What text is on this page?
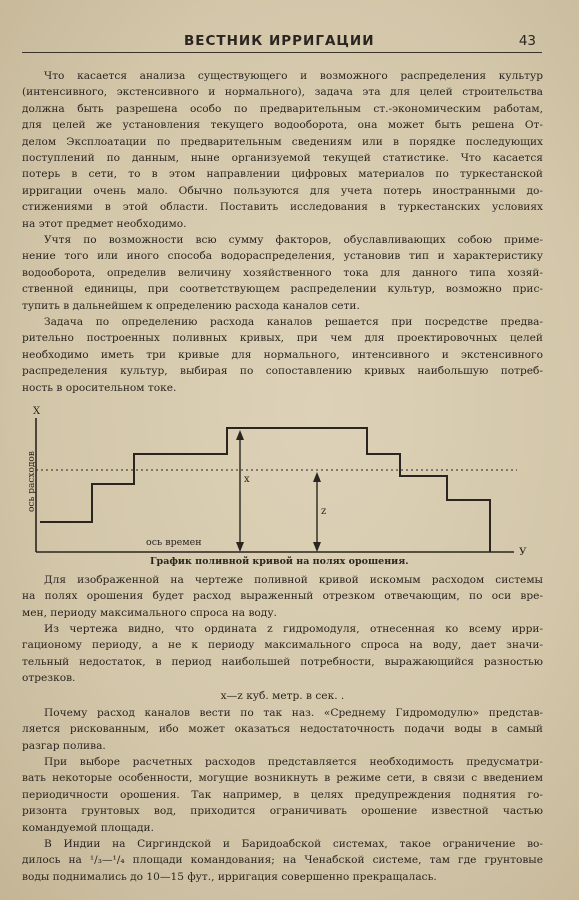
ВЕСТНИК ИРРИГАЦИИ	43
Что касается анализа существующего и возможного распределения культур
(интенсивного, экстенсивного и нормального), задача эта для целей строительства
должна быть разрешена особо по предварительным ст.-экономическим работам,
для целей же установления текущего водооборота, она может быть решена От-
делом Эксплоатации по предварительным сведениям или в порядке последующих
поступлений по данным, ныне организуемой текущей статистике. Что касается
потерь в сети, то в этом направлении цифровых материалов по туркестанской
ирригации очень мало. Обычно пользуются для учета потерь иностранными до-
стижениями в этой области. Поставить исследования в туркестанских условиях
на этот предмет необходимо.
Учтя по возможности всю сумму факторов, обуславливающих собою приме-
нение того или иного способа водораспределения, установив тип и характеристику
водооборота, определив величину хозяйственного тока для данного типа хозяй-
ственной единицы, при соответствующем распределении культур, возможно прис-
тупить в дальнейшем к определению расхода каналов сети.
Задача по определению расхода каналов решается при посредстве предва-
рительно построенных поливных кривых, при чем для проектировочных целей
необходимо иметь три кривые для нормального, интенсивного и экстенсивного
распределения культур, выбирая по сопоставлению кривых наибольшую потреб-
ность в оросительном токе.
Х
ось расходов
ось времен
х
z
У
График поливной кривой на полях орошения.
Для изображенной на чертеже поливной кривой искомым расходом системы
на полях орошения будет расход выраженный отрезком отвечающим, по оси вре-
мен, периоду максимального спроса на воду.
Из чертежа видно, что ордината z гидромодуля, отнесенная ко всему ирри-
гационому периоду, а не к периоду максимального спроса на воду, дает значи-
тельный недостаток, в период наибольшей потребности, выражающийся разностью
отрезков.
х—z куб. метр. в сек. .
Почему расход каналов вести по так наз. «Среднему Гидромодулю» представ-
ляется рискованным, ибо может оказаться недостаточность подачи воды в самый
разгар полива.
При выборе расчетных расходов представляется необходимость предусматри-
вать некоторые особенности, могущие возникнуть в режиме сети, в связи с введением
периодичности орошения. Так например, в целях предупреждения поднятия го-
ризонта грунтовых вод, приходится ограничивать орошение известной частью
командуемой площади.
В Индии на Сиргиндской и Баридоабской системах, такое ограничение во-
дилось на ¹/₃—¹/₄ площади командования; на Ченабской системе, там где грунтовые
воды поднимались до 10—15 фут., ирригация совершенно прекращалась.
